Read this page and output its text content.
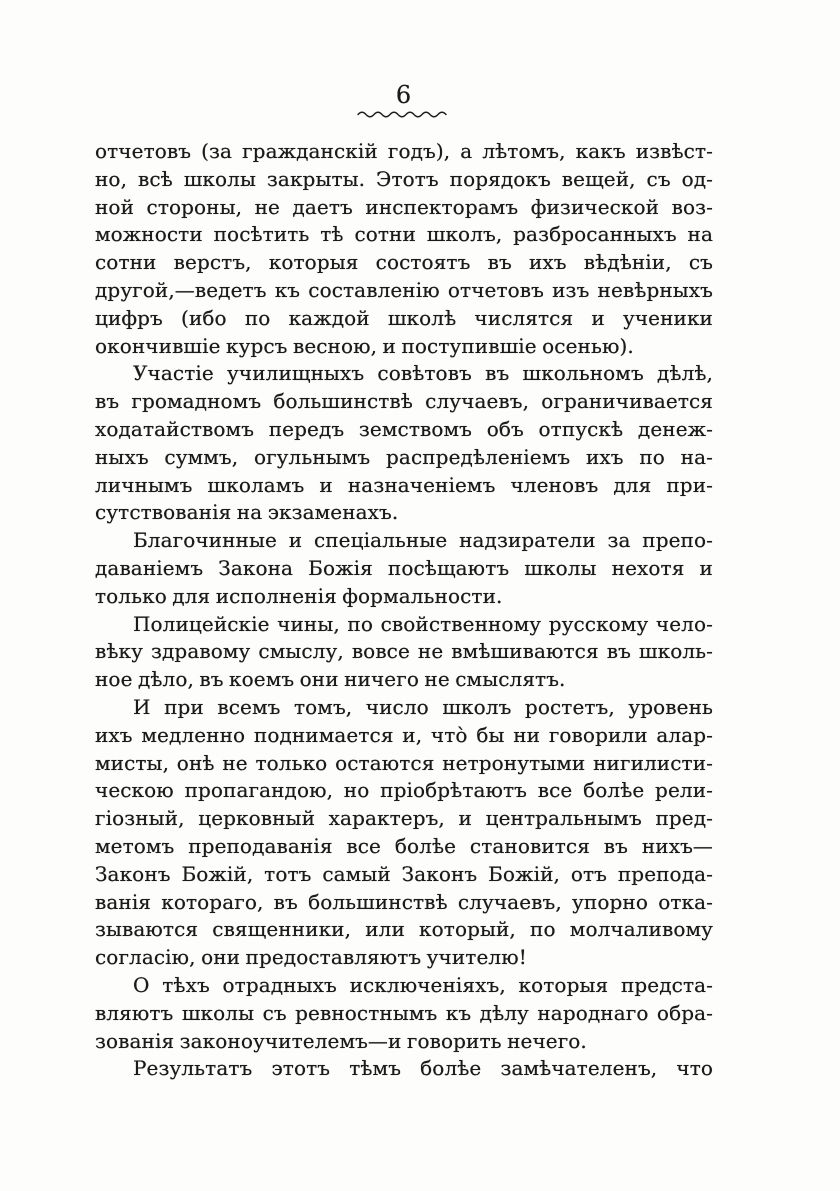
6
отчетовъ (за гражданскій годъ), а лѣтомъ, какъ извѣст-
но, всѣ школы закрыты. Этотъ порядокъ вещей, съ од-
ной стороны, не даетъ инспекторамъ физической воз-
можности посѣтить тѣ сотни школъ, разбросанныхъ на
сотни верстъ, которыя состоятъ въ ихъ вѣдѣніи, съ
другой,—ведетъ къ составленію отчетовъ изъ невѣрныхъ
цифръ (ибо по каждой школѣ числятся и ученики
окончившіе курсъ весною, и поступившіе осенью).
Участіе училищныхъ совѣтовъ въ школьномъ дѣлѣ,
въ громадномъ большинствѣ случаевъ, ограничивается
ходатайствомъ передъ земствомъ объ отпускѣ денеж-
ныхъ суммъ, огульнымъ распредѣленіемъ ихъ по на-
личнымъ школамъ и назначеніемъ членовъ для при-
сутствованія на экзаменахъ.
Благочинные и спеціальные надзиратели за препо-
даваніемъ Закона Божія посѣщаютъ школы нехотя и
только для исполненія формальности.
Полицейскіе чины, по свойственному русскому чело-
вѣку здравому смыслу, вовсе не вмѣшиваются въ школь-
ное дѣло, въ коемъ они ничего не смыслятъ.
И при всемъ томъ, число школъ ростетъ, уровень
ихъ медленно поднимается и, что̀ бы ни говорили алар-
мисты, онѣ не только остаются нетронутыми нигилисти-
ческою пропагандою, но пріобрѣтаютъ все болѣе рели-
гіозный, церковный характеръ, и центральнымъ пред-
метомъ преподаванія все болѣе становится въ нихъ—
Законъ Божій, тотъ самый Законъ Божій, отъ препода-
ванія котораго, въ большинствѣ случаевъ, упорно отка-
зываются священники, или который, по молчаливому
согласію, они предоставляютъ учителю!
О тѣхъ отрадныхъ исключеніяхъ, которыя предста-
вляютъ школы съ ревностнымъ къ дѣлу народнаго обра-
зованія законоучителемъ—и говорить нечего.
Результатъ этотъ тѣмъ болѣе замѣчателенъ, что
